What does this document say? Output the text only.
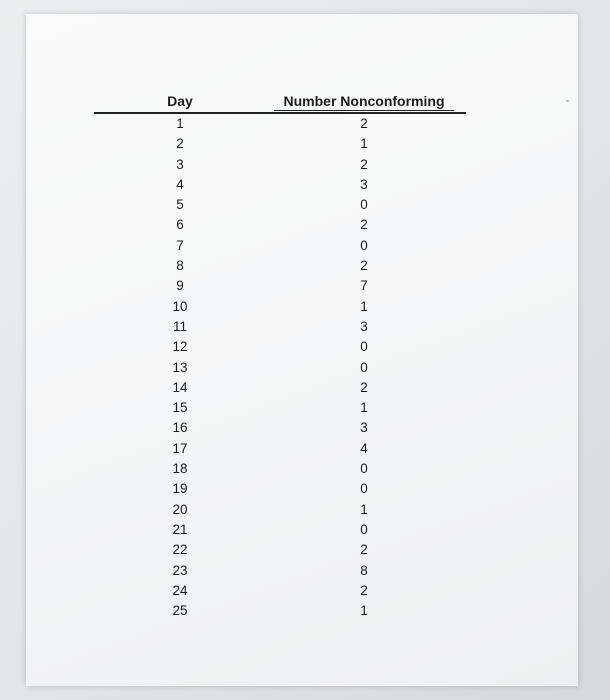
Day	Number Nonconforming
1	2
2	1
3	2
4	3
5	0
6	2
7	0
8	2
9	7
10	1
11	3
12	0
13	0
14	2
15	1
16	3
17	4
18	0
19	0
20	1
21	0
22	2
23	8
24	2
25	1
